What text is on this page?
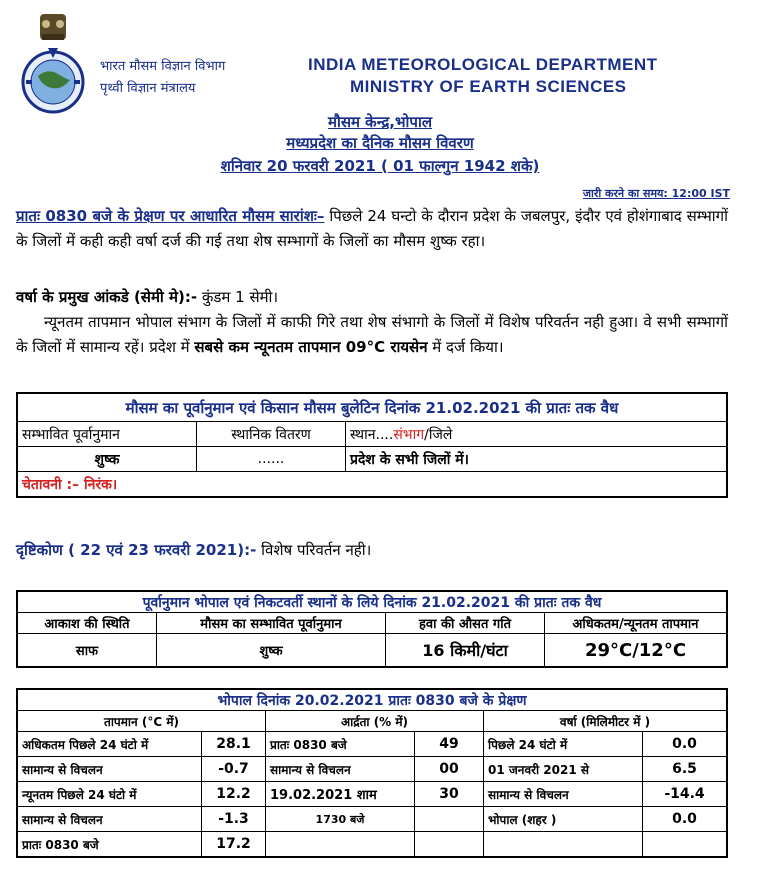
भारत मौसम विज्ञान विभाग
पृथ्वी विज्ञान मंत्रालय
INDIA METEOROLOGICAL DEPARTMENT
MINISTRY OF EARTH SCIENCES
मौसम केन्द्र,भोपाल
मध्यप्रदेश का दैनिक मौसम विवरण
शनिवार 20 फरवरी 2021 ( 01 फाल्गुन 1942 शके)
जारी करने का समय: 12:00 IST
प्रातः 0830 बजे के प्रेक्षण पर आधारित मौसम सारांशः– पिछले 24 घन्टो के दौरान प्रदेश के जबलपुर, इंदौर एवं होशंगाबाद सम्भागों के जिलों में कही कही वर्षा दर्ज की गई तथा शेष सम्भागों के जिलों का मौसम शुष्क रहा।
वर्षा के प्रमुख आंकडे (सेमी मे):- कुंडम 1 सेमी।
न्यूनतम तापमान भोपाल संभाग के जिलों में काफी गिरे तथा शेष संभागो के जिलों में विशेष परिवर्तन नही हुआ। वे सभी सम्भागों के जिलों में सामान्य रहें। प्रदेश में सबसे कम न्यूनतम तापमान 09°C रायसेन में दर्ज किया।
मौसम का पूर्वानुमान एवं किसान मौसम बुलेटिन दिनांक 21.02.2021 की प्रातः तक वैध		
सम्भावित पूर्वानुमान	स्थानिक वितरण	स्थान....संभाग/जिले
शुष्क	......	प्रदेश के सभी जिलों में।
चेतावनी :– निरंक।		
दृष्टिकोण ( 22 एवं 23 फरवरी 2021):- विशेष परिवर्तन नही।
पूर्वानुमान भोपाल एवं निकटवर्ती स्थानों के लिये दिनांक 21.02.2021 की प्रातः तक वैध			
आकाश की स्थिति	मौसम का सम्भावित पूर्वानुमान	हवा की औसत गति	अधिकतम/न्यूनतम तापमान
साफ	शुष्क	16 किमी/घंटा	29°C/12°C
भोपाल दिनांक 20.02.2021 प्रातः 0830 बजे के प्रेक्षण					
तापमान (°C में)		आर्द्रता (% में)		वर्षा (मिलिमीटर में )	
अधिकतम पिछले 24 घंटो में	28.1	प्रातः 0830 बजे	49	पिछले 24 घंटो में	0.0
सामान्य से विचलन	-0.7	सामान्य से विचलन	00	01 जनवरी 2021 से	6.5
न्यूनतम पिछले 24 घंटो में	12.2	19.02.2021 शाम	30	सामान्य से विचलन	-14.4
सामान्य से विचलन	-1.3	1730 बजे		भोपाल (शहर )	0.0
प्रातः 0830 बजे	17.2				
